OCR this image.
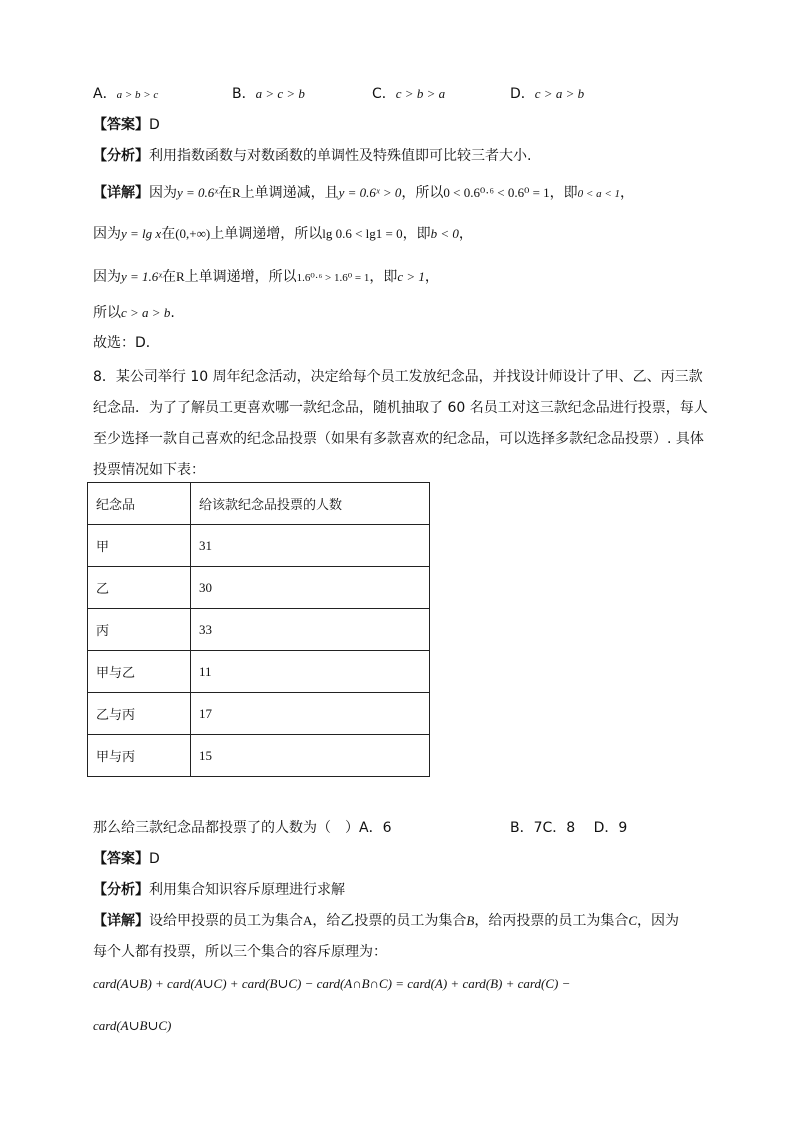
A．a > b > c	B．a > c > b	C．c > b > a	D．c > a > b
【答案】D
【分析】利用指数函数与对数函数的单调性及特殊值即可比较三者大小.
【详解】因为y = 0.6ˣ在R上单调递减，且y = 0.6ˣ > 0，所以0 < 0.6⁰·⁶ < 0.6⁰ = 1，即0 < a < 1，
因为y = lg x在(0,+∞)上单调递增，所以lg 0.6 < lg1 = 0，即b < 0，
因为y = 1.6ˣ在R上单调递增，所以1.6⁰·⁶ > 1.6⁰ = 1，即c > 1，
所以c > a > b.
故选：D．
8．某公司举行 10 周年纪念活动，决定给每个员工发放纪念品，并找设计师设计了甲、乙、丙三款
纪念品．为了了解员工更喜欢哪一款纪念品，随机抽取了 60 名员工对这三款纪念品进行投票，每人
至少选择一款自己喜欢的纪念品投票（如果有多款喜欢的纪念品，可以选择多款纪念品投票）. 具体
投票情况如下表：
纪念品	给该款纪念品投票的人数
甲	31
乙	30
丙	33
甲与乙	11
乙与丙	17
甲与丙	15
那么给三款纪念品都投票了的人数为（　）A．6	B．7C．8　 D．9
【答案】D
【分析】利用集合知识容斥原理进行求解
【详解】设给甲投票的员工为集合A，给乙投票的员工为集合B，给丙投票的员工为集合C，因为
每个人都有投票，所以三个集合的容斥原理为：
card(A∪B) + card(A∪C) + card(B∪C) − card(A∩B∩C) = card(A) + card(B) + card(C) −
card(A∪B∪C)
